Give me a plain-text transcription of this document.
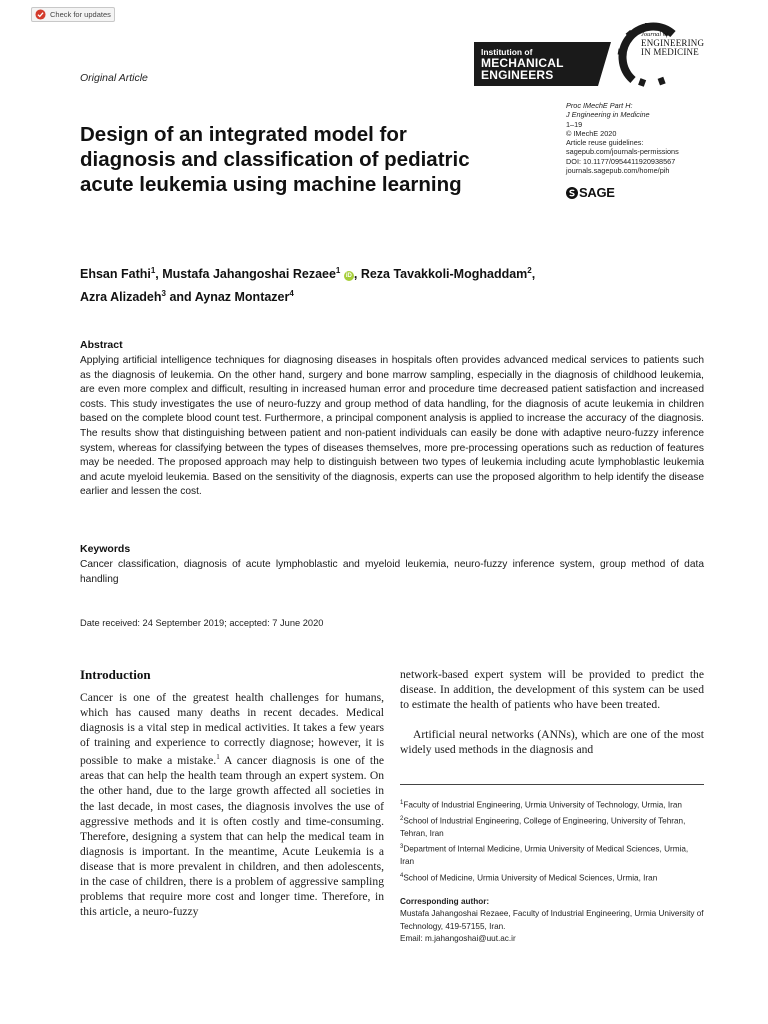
Check for updates
Original Article
Institution of
MECHANICAL
ENGINEERS
Journal of
ENGINEERING
IN MEDICINE
Proc IMechE Part H:
J Engineering in Medicine
1–19
© IMechE 2020
Article reuse guidelines:
sagepub.com/journals-permissions
DOI: 10.1177/0954411920938567
journals.sagepub.com/home/pih
SAGE
Design of an integrated model for diagnosis and classification of pediatric acute leukemia using machine learning
Ehsan Fathi$^1$, Mustafa Jahangoshai Rezaee$^1$ iD , Reza Tavakkoli-Moghaddam$^2$, Azra Alizadeh$^3$ and Aynaz Montazer$^4$
Abstract

Applying artificial intelligence techniques for diagnosing diseases in hospitals often provides advanced medical services to patients such as the diagnosis of leukemia. On the other hand, surgery and bone marrow sampling, especially in the diagnosis of childhood leukemia, are even more complex and difficult, resulting in increased human error and procedure time decreased patient satisfaction and increased costs. This study investigates the use of neuro-fuzzy and group method of data handling, for the diagnosis of acute leukemia in children based on the complete blood count test. Furthermore, a principal component analysis is applied to increase the accuracy of the diagnosis. The results show that distinguishing between patient and non-patient individuals can easily be done with adaptive neuro-fuzzy inference system, whereas for classifying between the types of diseases themselves, more pre-processing operations such as reduction of features may be needed. The proposed approach may help to distinguish between two types of leukemia including acute lymphoblastic leukemia and acute myeloid leukemia. Based on the sensitivity of the diagnosis, experts can use the proposed algorithm to help identify the disease earlier and lessen the cost.

Keywords

Cancer classification, diagnosis of acute lymphoblastic and myeloid leukemia, neuro-fuzzy inference system, group method of data handling

Date received: 24 September 2019; accepted: 7 June 2020
Introduction

Cancer is one of the greatest health challenges for humans, which has caused many deaths in recent decades. Medical diagnosis is a vital step in medical activities. It takes a few years of training and experience to correctly diagnose; however, it is possible to make a mistake.$^1$ A cancer diagnosis is one of the areas that can help the health team through an expert system. On the other hand, due to the large growth affected all societies in the last decade, in most cases, the diagnosis involves the use of aggressive methods and it is often costly and time-consuming. Therefore, designing a system that can help the medical team in diagnosis is important. In the meantime, Acute Leukemia is a disease that is more prevalent in children, and then adolescents, in the case of children, there is a problem of aggressive sampling problems that require more cost and longer time. Therefore, in this article, a neuro-fuzzy

network-based expert system will be provided to predict the disease. In addition, the development of this system can be used to estimate the health of patients who have been treated.

Artificial neural networks (ANNs), which are one of the most widely used methods in the diagnosis and

$^1$Faculty of Industrial Engineering, Urmia University of Technology, Urmia, Iran
$^2$School of Industrial Engineering, College of Engineering, University of Tehran, Tehran, Iran
$^3$Department of Internal Medicine, Urmia University of Medical Sciences, Urmia, Iran
$^4$School of Medicine, Urmia University of Medical Sciences, Urmia, Iran
Corresponding author:
Mustafa Jahangoshai Rezaee, Faculty of Industrial Engineering, Urmia University of Technology, 419-57155, Iran.
Email: m.jahangoshai@uut.ac.ir
